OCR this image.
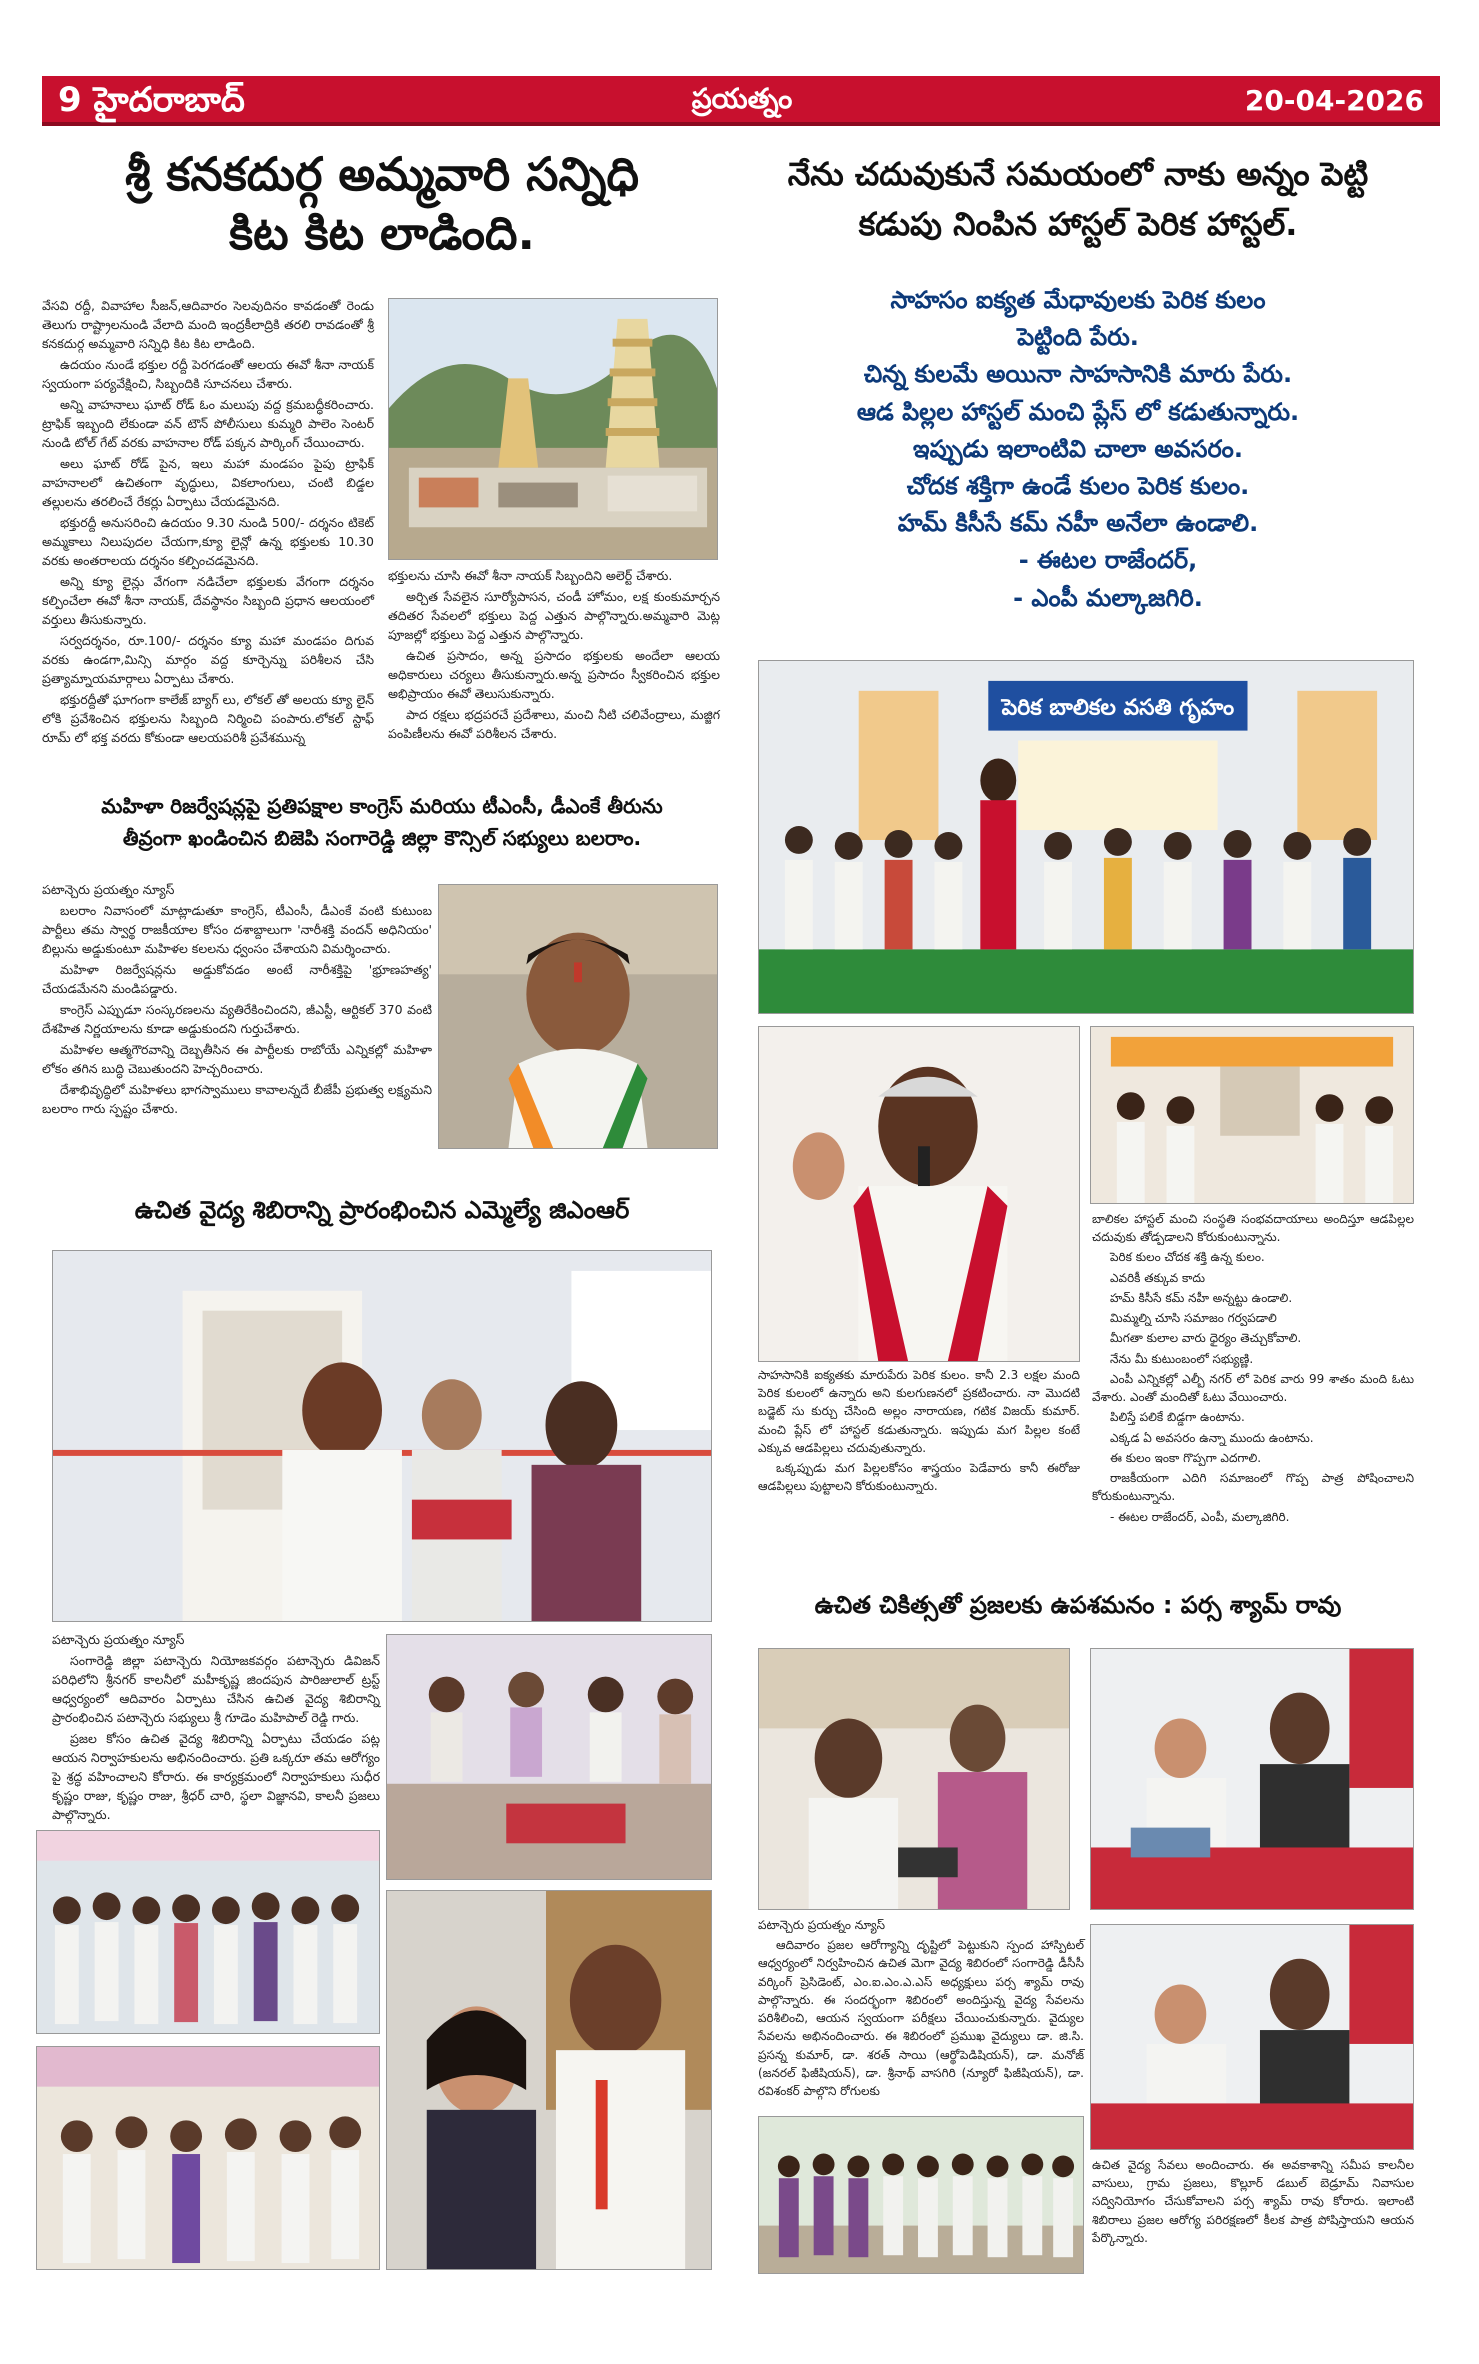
9 హైదరాబాద్	ప్రయత్నం	20-04-2026
శ్రీ కనకదుర్గ అమ్మవారి సన్నిధి
కిట కిట లాడింది.

వేసవి రద్దీ, వివాహాల సీజన్,ఆదివారం సెలవుదినం కావడంతో రెండు తెలుగు రాష్ట్రాలనుండి వేలాది మంది ఇంద్రకీలాద్రికి తరలి రావడంతో శ్రీ కనకదుర్గ అమ్మవారి సన్నిధి కిట కిట లాడింది.

ఉదయం నుండే భక్తుల రద్దీ పెరగడంతో ఆలయ ఈవో శీనా నాయక్ స్వయంగా పర్యవేక్షించి, సిబ్బందికి సూచనలు చేశారు.

అన్ని వాహనాలు ఘాట్ రోడ్ ఓం మలుపు వద్ద క్రమబద్ధీకరించారు. ట్రాఫిక్ ఇబ్బంది లేకుండా వన్ టౌన్ పోలీసులు కుమ్మరి పాలెం సెంటర్ నుండి టోల్ గేట్ వరకు వాహనాల రోడ్ పక్కన పార్కింగ్ చేయించారు.

అలు ఘాట్ రోడ్ పైన, ఇలు మహా మండపం పైపు ట్రాఫిక్ వాహనాలలో ఉచితంగా వృద్ధులు, వికలాంగులు, చంటి బిడ్డల తల్లులను తరలించే రేకర్లు ఏర్పాటు చేయడమైనది.

భక్తురద్దీ అనుసరించి ఉదయం 9.30 నుండి 500/- దర్శనం టికెట్ అమ్మకాలు నిలుపుదల చేయగా,క్యూ లైన్లో ఉన్న భక్తులకు 10.30 వరకు అంతరాలయ దర్శనం కల్పించడమైనది.

అన్ని క్యూ లైన్లు వేగంగా నడిచేలా భక్తులకు వేగంగా దర్శనం కల్పించేలా ఈవో శీనా నాయక్, దేవస్థానం సిబ్బంది ప్రధాన ఆలయంలో వర్తులు తీసుకున్నారు.

సర్వదర్శనం, రూ.100/- దర్శనం క్యూ మహా మండపం దిగువ వరకు ఉండగా,మిన్సి మార్గం వద్ద కూర్చెన్ను పరిశీలన చేసి ప్రత్యామ్నాయమార్గాలు ఏర్పాటు చేశారు.

భక్తురద్దీతో ఘాగంగా కాలేజ్ బ్యాగ్ లు, లోకల్ తో అలయ క్యూ లైన్ లోకి ప్రవేశించిన భక్తులను సిబ్బంది నిర్మించి పంపారు.లోకల్ స్టాఫ్ రూమ్ లో భక్త వరదు కోకుండా ఆలయపరిశీ ప్రవేశమున్న

భక్తులను చూసి ఈవో శీనా నాయక్ సిబ్బందిని అలెర్ట్ చేశారు.

అర్చిత సేవలైన సూర్యోపాసన, చండీ హోమం, లక్ష కుంకుమార్చన తదితర సేవలలో భక్తులు పెద్ద ఎత్తున పాల్గొన్నారు.అమ్మవారి మెట్ల పూజల్లో భక్తులు పెద్ద ఎత్తున పాల్గొన్నారు.

ఉచిత ప్రసాదం, అన్న ప్రసాదం భక్తులకు అందేలా ఆలయ అధికారులు చర్యలు తీసుకున్నారు.అన్న ప్రసాదం స్వీకరించిన భక్తుల అభిప్రాయం ఈవో తెలుసుకున్నారు.

పాద రక్షలు భద్రపరచే ప్రదేశాలు, మంచి నీటి చలివేంద్రాలు, మజ్జిగ పంపిణీలను ఈవో పరిశీలన చేశారు.

మహిళా రిజర్వేషన్లపై ప్రతిపక్షాల కాంగ్రెస్ మరియు టీఎంసీ, డీఎంకే తీరును
తీవ్రంగా ఖండించిన బిజెపి సంగారెడ్డి జిల్లా కౌన్సిల్ సభ్యులు బలరాం.

పటాన్చెరు ప్రయత్నం న్యూస్

బలరాం నివాసంలో మాట్లాడుతూ కాంగ్రెస్, టీఎంసీ, డీఎంకే వంటి కుటుంబ పార్టీలు తమ స్వార్థ రాజకీయాల కోసం దశాబ్దాలుగా 'నారీశక్తి వందన్ అధినియం' బిల్లును అడ్డుకుంటూ మహిళల కలలను ధ్వంసం చేశాయని విమర్శించారు.

మహిళా రిజర్వేషన్లను అడ్డుకోవడం అంటే నారీశక్తిపై 'భ్రూణహత్య' చేయడమేనని మండిపడ్డారు.

కాంగ్రెస్ ఎప్పుడూ సంస్కరణలను వ్యతిరేకించిందని, జీఎస్టీ, ఆర్టికల్ 370 వంటి దేశహిత నిర్ణయాలను కూడా అడ్డుకుందని గుర్తుచేశారు.

మహిళల ఆత్మగౌరవాన్ని దెబ్బతీసిన ఈ పార్టీలకు రాబోయే ఎన్నికల్లో మహిళా లోకం తగిన బుద్ధి చెబుతుందని హెచ్చరించారు.

దేశాభివృద్ధిలో మహిళలు భాగస్వాములు కావాలన్నదే బీజేపీ ప్రభుత్వ లక్ష్యమని బలరాం గారు స్పష్టం చేశారు.

ఉచిత వైద్య శిబిరాన్ని ప్రారంభించిన ఎమ్మెల్యే జిఎంఆర్

పటాన్చెరు ప్రయత్నం న్యూస్

సంగారెడ్డి జిల్లా పటాన్చెరు నియోజకవర్గం పటాన్చెరు డివిజన్ పరిధిలోని శ్రీనగర్ కాలనీలో మహీకృష్ణ జిందపున పారిజులాల్ ట్రస్ట్ ఆధ్వర్యంలో ఆదివారం ఏర్పాటు చేసిన ఉచిత వైద్య శిబిరాన్ని ప్రారంభించిన పటాన్చెరు సభ్యులు శ్రీ గూడెం మహిపాల్ రెడ్డి గారు.

ప్రజల కోసం ఉచిత వైద్య శిబిరాన్ని ఏర్పాటు చేయడం పట్ల ఆయన నిర్వాహకులను అభినందించారు. ప్రతి ఒక్కరూ తమ ఆరోగ్యం పై శ్రద్ధ వహించాలని కోరారు. ఈ కార్యక్రమంలో నిర్వాహకులు సుధీర కృష్ణం రాజు, కృష్ణం రాజు, శ్రీధర్ చారి, స్థలా విజ్ఞానవి, కాలనీ ప్రజలు పాల్గొన్నారు.

నేను చదువుకునే సమయంలో నాకు అన్నం పెట్టి
కడుపు నింపిన హాస్టల్ పెరిక హాస్టల్.
సాహసం ఐక్యత మేధావులకు పెరిక కులం
పెట్టింది పేరు.
చిన్న కులమే అయినా సాహసానికి మారు పేరు.
ఆడ పిల్లల హాస్టల్ మంచి ప్లేస్ లో కడుతున్నారు.
ఇప్పుడు ఇలాంటివి చాలా అవసరం.
చోదక శక్తిగా ఉండే కులం పెరిక కులం.
హమ్ కిసీసే కమ్ నహీ అనేలా ఉండాలి.
- ఈటల రాజేందర్,
- ఎంపీ మల్కాజగిరి.
పెరిక బాలికల వసతి గృహం

బాలికల హాస్టల్ మంచి సంస్థతి సంభవదాయాలు అందిస్తూ ఆడపిల్లల చదువుకు తోడ్పడాలని కోరుకుంటున్నాను.

పెరిక కులం చోదక శక్తి ఉన్న కులం.

ఎవరికీ తక్కువ కాదు

హమ్ కిసీసే కమ్ నహీ అన్నట్టు ఉండాలి.

మిమ్మల్ని చూసి సమాజం గర్వపడాలి

మీగతా కులాల వారు ధైర్యం తెచ్చుకోవాలి.

నేను మీ కుటుంబంలో సభ్యుణ్ణి.

ఎంపీ ఎన్నికల్లో ఎల్బీ నగర్ లో పెరిక వారు 99 శాతం మంది ఓటు వేశారు. ఎంతో మందితో ఓటు వేయించారు.

పిలిస్తే పలికే బిడ్డగా ఉంటాను.

ఎక్కడ ఏ అవసరం ఉన్నా ముందు ఉంటాను.

ఈ కులం ఇంకా గొప్పగా ఎదగాలి.

రాజకీయంగా ఎదిగి సమాజంలో గొప్ప పాత్ర పోషించాలని కోరుకుంటున్నాను.

- ఈటల రాజేందర్, ఎంపీ, మల్కాజిగిరి.

సాహసానికి ఐక్యతకు మారుపేరు పెరిక కులం. కానీ 2.3 లక్షల మంది పెరిక కులంలో ఉన్నారు అని కులగుణనలో ప్రకటించారు. నా మొదటి బడ్జెట్ సు కుర్చు చేసింది అల్లం నారాయణ, గటిక విజయ్ కుమార్. మంచి ప్లేస్ లో హాస్టల్ కడుతున్నారు. ఇప్పుడు మగ పిల్లల కంటే ఎక్కువ ఆడపిల్లలు చదువుతున్నారు.

ఒక్కప్పుడు మగ పిల్లలకోసం శాస్త్రయం పెడేవారు కానీ ఈరోజు ఆడపిల్లలు పుట్టాలని కోరుకుంటున్నారు.

ఉచిత చికిత్సతో ప్రజలకు ఉపశమనం : పర్స శ్యామ్ రావు

పటాన్చెరు ప్రయత్నం న్యూస్

ఆదివారం ప్రజల ఆరోగ్యాన్ని దృష్టిలో పెట్టుకుని స్పంద హాస్పిటల్ ఆధ్వర్యంలో నిర్వహించిన ఉచిత మెగా వైద్య శిబిరంలో సంగారెడ్డి డీసీసీ వర్కింగ్ ప్రెసిడెంట్, ఎం.ఐ.ఎం.ఎ.ఎస్ అధ్యక్షులు పర్స శ్యామ్ రావు పాల్గొన్నారు. ఈ సందర్భంగా శిబిరంలో అందిస్తున్న వైద్య సేవలను పరిశీలించి, ఆయన స్వయంగా పరీక్షలు చేయించుకున్నారు. వైద్యుల సేవలను అభినందించారు. ఈ శిబిరంలో ప్రముఖ వైద్యులు డా. జి.సి. ప్రసన్న కుమార్, డా. శరత్ సాయి (ఆర్థోపెడిషియన్), డా. మనోజ్ (జనరల్ ఫిజీషియన్), డా. శ్రీనాథ్ వాసగిరి (న్యూరో ఫిజీషియన్), డా. రవిశంకర్ పాల్గొని రోగులకు

ఉచిత వైద్య సేవలు అందించారు. ఈ అవకాశాన్ని సమీప కాలనీల వాసులు, గ్రామ ప్రజలు, కొల్లూర్ డబుల్ బెడ్రూమ్ నివాసుల సద్వినియోగం చేసుకోవాలని పర్స శ్యామ్ రావు కోరారు. ఇలాంటి శిబిరాలు ప్రజల ఆరోగ్య పరిరక్షణలో కీలక పాత్ర పోషిస్తాయని ఆయన పేర్కొన్నారు.
